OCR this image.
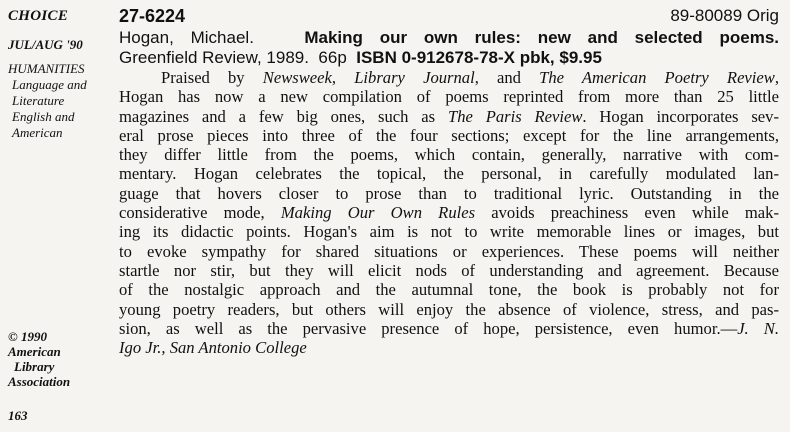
CHOICE
JUL/AUG '90
HUMANITIES
Language and
Literature
English and
American
© 1990
American
Library
Association
163
27-6224	89-80089 Orig
Hogan, Michael.	Making our own rules: new and selected poems.
Greenfield Review, 1989. 66p ISBN 0-912678-78-X pbk, $9.95
Praised by Newsweek, Library Journal, and The American Poetry Review,
Hogan has now a new compilation of poems reprinted from more than 25 little
magazines and a few big ones, such as The Paris Review. Hogan incorporates sev-
eral prose pieces into three of the four sections; except for the line arrangements,
they differ little from the poems, which contain, generally, narrative with com-
mentary. Hogan celebrates the topical, the personal, in carefully modulated lan-
guage that hovers closer to prose than to traditional lyric. Outstanding in the
considerative mode, Making Our Own Rules avoids preachiness even while mak-
ing its didactic points. Hogan's aim is not to write memorable lines or images, but
to evoke sympathy for shared situations or experiences. These poems will neither
startle nor stir, but they will elicit nods of understanding and agreement. Because
of the nostalgic approach and the autumnal tone, the book is probably not for
young poetry readers, but others will enjoy the absence of violence, stress, and pas-
sion, as well as the pervasive presence of hope, persistence, even humor.—J. N.
Igo Jr., San Antonio College
